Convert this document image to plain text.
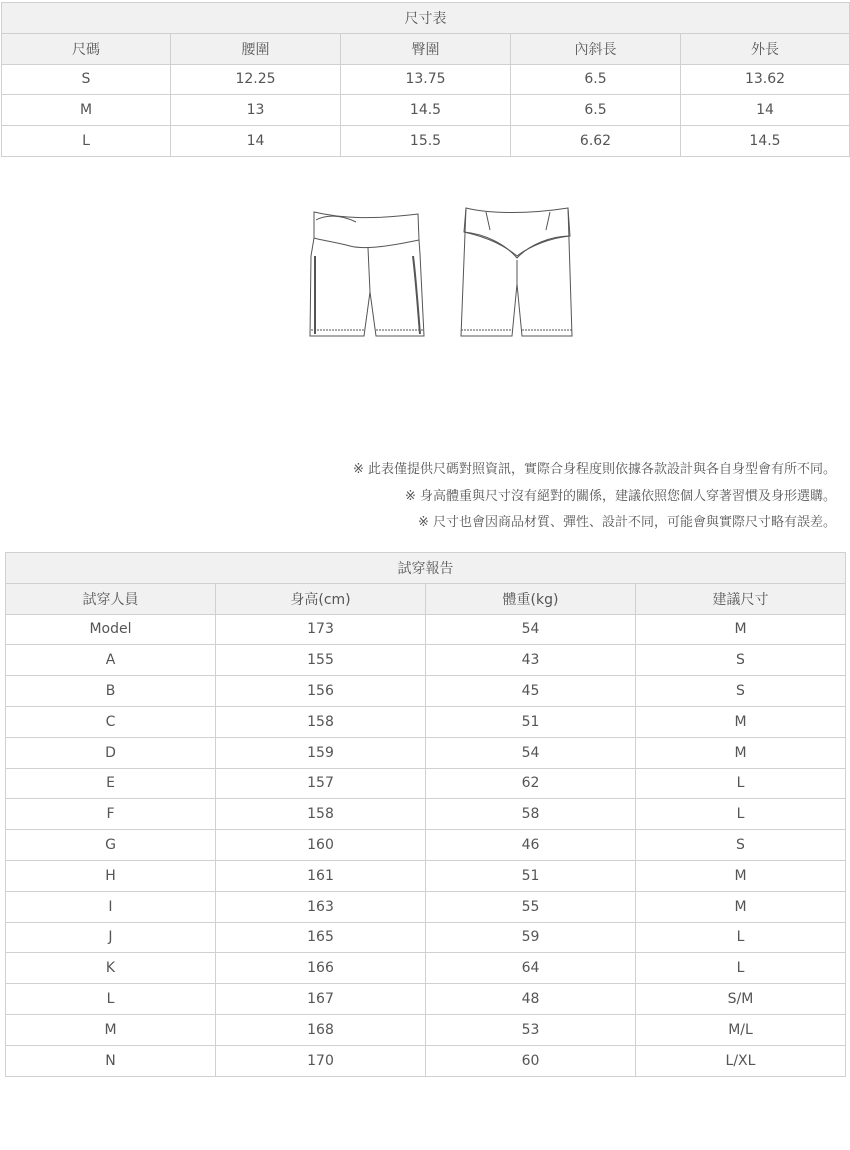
尺寸表				
尺碼	腰圍	臀圍	內斜長	外長
S	12.25	13.75	6.5	13.62
M	13	14.5	6.5	14
L	14	15.5	6.62	14.5
※ 此表僅提供尺碼對照資訊，實際合身程度則依據各款設計與各自身型會有所不同。
※ 身高體重與尺寸沒有絕對的關係，建議依照您個人穿著習慣及身形選購。
※ 尺寸也會因商品材質、彈性、設計不同，可能會與實際尺寸略有誤差。
試穿報告			
試穿人員	身高(cm)	體重(kg)	建議尺寸
Model	173	54	M
A	155	43	S
B	156	45	S
C	158	51	M
D	159	54	M
E	157	62	L
F	158	58	L
G	160	46	S
H	161	51	M
I	163	55	M
J	165	59	L
K	166	64	L
L	167	48	S/M
M	168	53	M/L
N	170	60	L/XL
